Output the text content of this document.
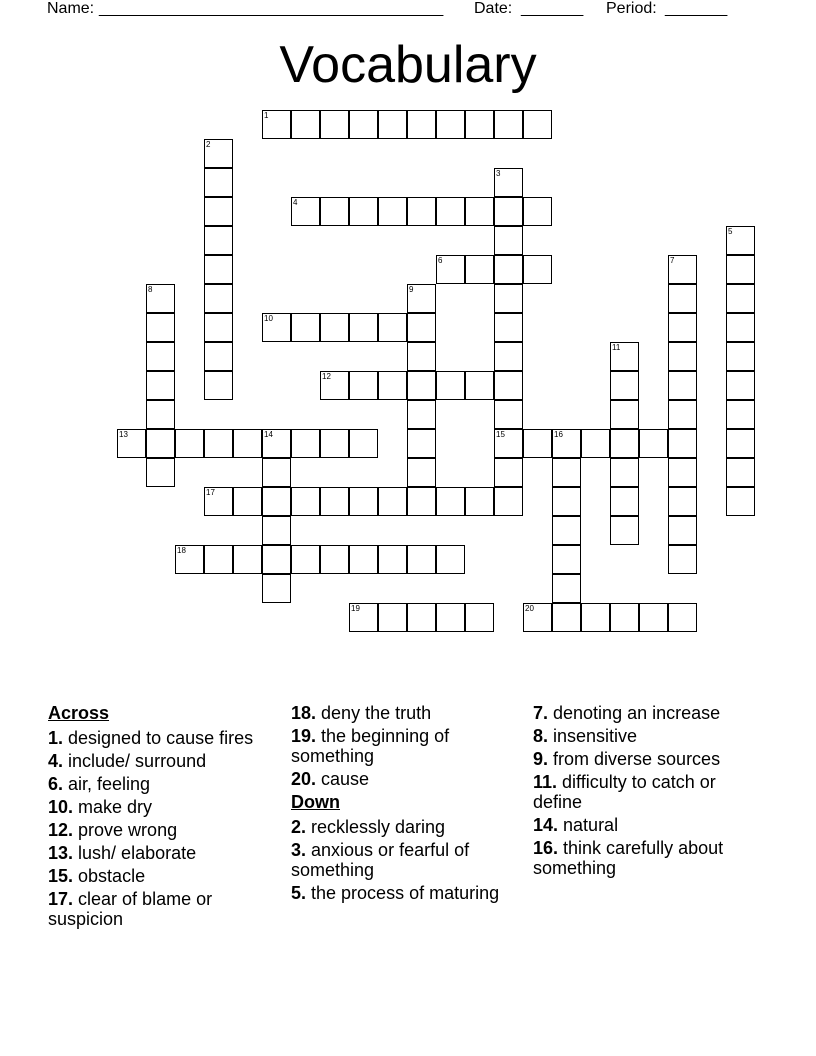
Name: ________________________________________ Date: _______ Period: _______
Vocabulary
1
2
3
15
4
5
6	7
8	9
10
11
12
13	14	16
17
18
19	20
Across
1. designed to cause fires
4. include/ surround
6. air, feeling
10. make dry
12. prove wrong
13. lush/ elaborate
15. obstacle
17. clear of blame or suspicion
18. deny the truth
19. the beginning of something
20. cause
Down
2. recklessly daring
3. anxious or fearful of something
5. the process of maturing
7. denoting an increase
8. insensitive
9. from diverse sources
11. difficulty to catch or define
14. natural
16. think carefully about something
